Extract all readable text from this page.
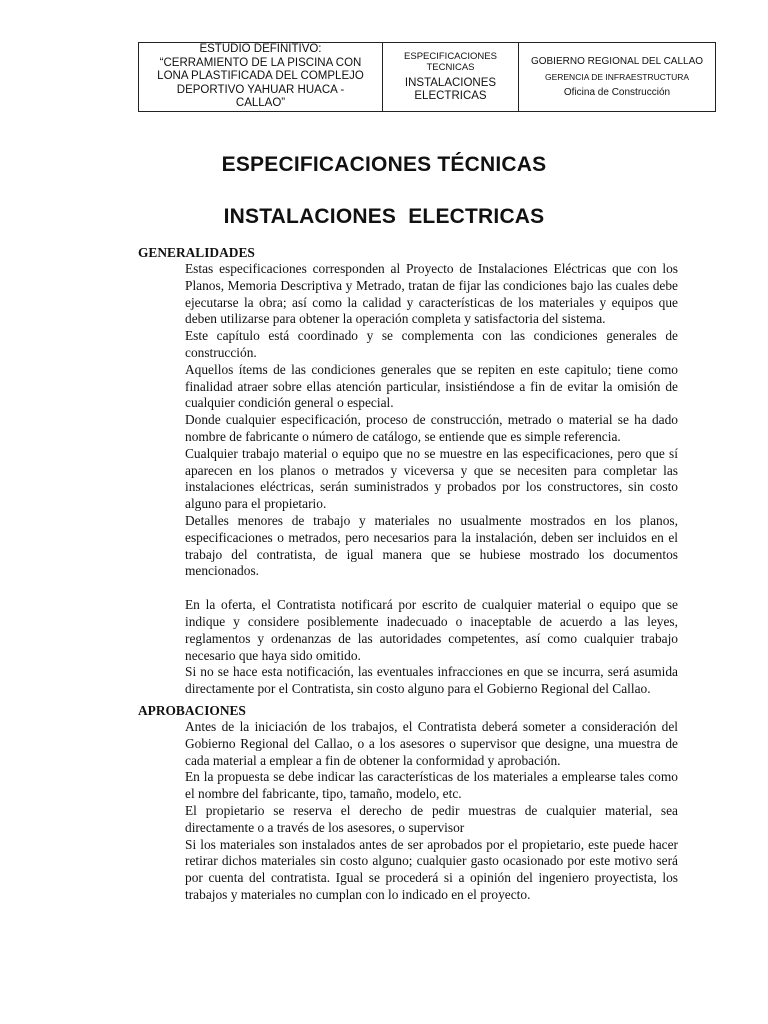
ESTUDIO DEFINITIVO:
“CERRAMIENTO DE LA PISCINA CON
LONA PLASTIFICADA DEL COMPLEJO
DEPORTIVO YAHUAR HUACA -
CALLAO”
ESPECIFICACIONES
TECNICAS
INSTALACIONES
ELECTRICAS
GOBIERNO REGIONAL DEL CALLAO
GERENCIA DE INFRAESTRUCTURA
Oficina de Construcción
ESPECIFICACIONES TÉCNICAS
INSTALACIONES  ELECTRICAS
GENERALIDADES

Estas especificaciones corresponden al Proyecto de Instalaciones Eléctricas que con los Planos, Memoria Descriptiva y Metrado, tratan de fijar las condiciones bajo las cuales debe ejecutarse la obra; así como la calidad y características de los materiales y equipos que deben utilizarse para obtener la operación completa y satisfactoria del sistema.

Este capítulo está coordinado y se complementa con las condiciones generales de construcción.

Aquellos ítems de las condiciones generales que se repiten en este capitulo; tiene como finalidad atraer sobre ellas atención particular, insistiéndose a fin de evitar la omisión de cualquier condición general o especial.

Donde cualquier especificación, proceso de construcción, metrado o material se ha dado nombre de fabricante o número de catálogo, se entiende que es simple referencia.

Cualquier trabajo material o equipo que no se muestre en las especificaciones, pero que sí aparecen en los planos o metrados y viceversa y que se necesiten para completar las instalaciones eléctricas, serán suministrados y probados por los constructores, sin costo alguno para el propietario.

Detalles menores de trabajo y materiales no usualmente mostrados en los planos, especificaciones o metrados, pero necesarios para la instalación, deben ser incluidos en el trabajo del contratista, de igual manera que se hubiese mostrado los documentos mencionados.

En la oferta, el Contratista notificará por escrito de cualquier material o equipo que se indique y considere posiblemente inadecuado o inaceptable de acuerdo a las leyes, reglamentos y ordenanzas de las autoridades competentes, así como cualquier trabajo necesario que haya sido omitido.

Si no se hace esta notificación, las eventuales infracciones en que se incurra, será asumida directamente por el Contratista, sin costo alguno para el Gobierno Regional del Callao.

APROBACIONES

Antes de la iniciación de los trabajos, el Contratista deberá someter a consideración del Gobierno Regional del Callao, o a los asesores o supervisor que designe, una muestra de cada material a emplear a fin de obtener la conformidad y aprobación.

En la propuesta se debe indicar las características de los materiales a emplearse tales como el nombre del fabricante, tipo, tamaño, modelo, etc.

El propietario se reserva el derecho de pedir muestras de cualquier material, sea directamente o a través de los asesores, o supervisor

Si los materiales son instalados antes de ser aprobados por el propietario, este puede hacer retirar dichos materiales sin costo alguno; cualquier gasto ocasionado por este motivo será por cuenta del contratista. Igual se procederá si a opinión del ingeniero proyectista, los trabajos y materiales no cumplan con lo indicado en el proyecto.
